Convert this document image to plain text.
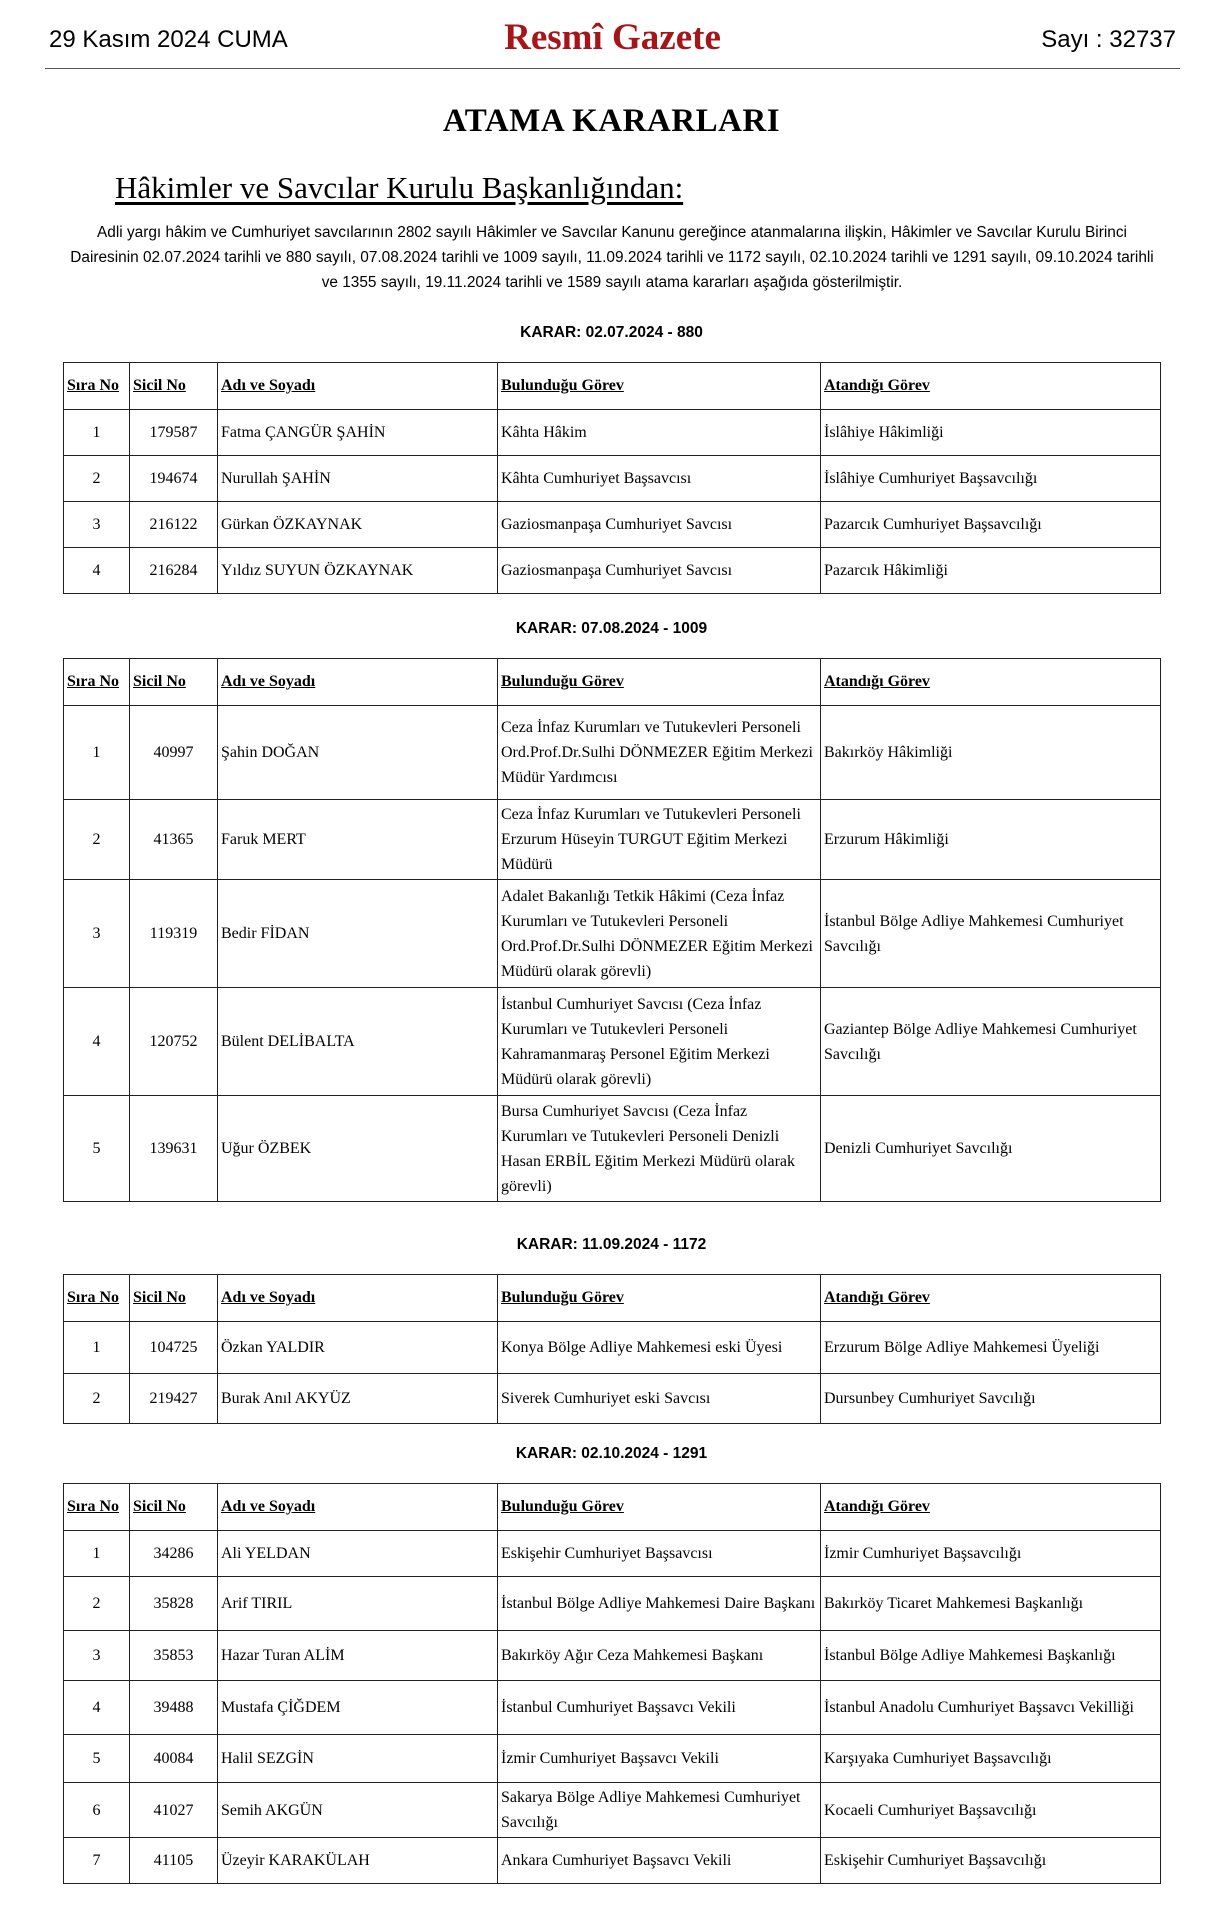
29 Kasım 2024 CUMA	Resmî Gazete	Sayı : 32737
ATAMA KARARLARI
Hâkimler ve Savcılar Kurulu Başkanlığından:
Adli yargı hâkim ve Cumhuriyet savcılarının 2802 sayılı Hâkimler ve Savcılar Kanunu gereğince atanmalarına ilişkin, Hâkimler ve Savcılar Kurulu Birinci Dairesinin 02.07.2024 tarihli ve 880 sayılı, 07.08.2024 tarihli ve 1009 sayılı, 11.09.2024 tarihli ve 1172 sayılı, 02.10.2024 tarihli ve 1291 sayılı, 09.10.2024 tarihli ve 1355 sayılı, 19.11.2024 tarihli ve 1589 sayılı atama kararları aşağıda gösterilmiştir.
KARAR: 02.07.2024 - 880
Sıra No	Sicil No	Adı ve Soyadı	Bulunduğu Görev	Atandığı Görev
1	179587	Fatma ÇANGÜR ŞAHİN	Kâhta Hâkim	İslâhiye Hâkimliği
2	194674	Nurullah ŞAHİN	Kâhta Cumhuriyet Başsavcısı	İslâhiye Cumhuriyet Başsavcılığı
3	216122	Gürkan ÖZKAYNAK	Gaziosmanpaşa Cumhuriyet Savcısı	Pazarcık Cumhuriyet Başsavcılığı
4	216284	Yıldız SUYUN ÖZKAYNAK	Gaziosmanpaşa Cumhuriyet Savcısı	Pazarcık Hâkimliği
KARAR: 07.08.2024 - 1009
Sıra No	Sicil No	Adı ve Soyadı	Bulunduğu Görev	Atandığı Görev
1	40997	Şahin DOĞAN	Ceza İnfaz Kurumları ve Tutukevleri Personeli Ord.Prof.Dr.Sulhi DÖNMEZER Eğitim Merkezi Müdür Yardımcısı	Bakırköy Hâkimliği
2	41365	Faruk MERT	Ceza İnfaz Kurumları ve Tutukevleri Personeli Erzurum Hüseyin TURGUT Eğitim Merkezi Müdürü	Erzurum Hâkimliği
3	119319	Bedir FİDAN	Adalet Bakanlığı Tetkik Hâkimi (Ceza İnfaz Kurumları ve Tutukevleri Personeli Ord.Prof.Dr.Sulhi DÖNMEZER Eğitim Merkezi Müdürü olarak görevli)	İstanbul Bölge Adliye Mahkemesi Cumhuriyet Savcılığı
4	120752	Bülent DELİBALTA	İstanbul Cumhuriyet Savcısı (Ceza İnfaz Kurumları ve Tutukevleri Personeli Kahramanmaraş Personel Eğitim Merkezi Müdürü olarak görevli)	Gaziantep Bölge Adliye Mahkemesi Cumhuriyet Savcılığı
5	139631	Uğur ÖZBEK	Bursa Cumhuriyet Savcısı (Ceza İnfaz Kurumları ve Tutukevleri Personeli Denizli Hasan ERBİL Eğitim Merkezi Müdürü olarak görevli)	Denizli Cumhuriyet Savcılığı
KARAR: 11.09.2024 - 1172
Sıra No	Sicil No	Adı ve Soyadı	Bulunduğu Görev	Atandığı Görev
1	104725	Özkan YALDIR	Konya Bölge Adliye Mahkemesi eski Üyesi	Erzurum Bölge Adliye Mahkemesi Üyeliği
2	219427	Burak Anıl AKYÜZ	Siverek Cumhuriyet eski Savcısı	Dursunbey Cumhuriyet Savcılığı
KARAR: 02.10.2024 - 1291
Sıra No	Sicil No	Adı ve Soyadı	Bulunduğu Görev	Atandığı Görev
1	34286	Ali YELDAN	Eskişehir Cumhuriyet Başsavcısı	İzmir Cumhuriyet Başsavcılığı
2	35828	Arif TIRIL	İstanbul Bölge Adliye Mahkemesi Daire Başkanı	Bakırköy Ticaret Mahkemesi Başkanlığı
3	35853	Hazar Turan ALİM	Bakırköy Ağır Ceza Mahkemesi Başkanı	İstanbul Bölge Adliye Mahkemesi Başkanlığı
4	39488	Mustafa ÇİĞDEM	İstanbul Cumhuriyet Başsavcı Vekili	İstanbul Anadolu Cumhuriyet Başsavcı Vekilliği
5	40084	Halil SEZGİN	İzmir Cumhuriyet Başsavcı Vekili	Karşıyaka Cumhuriyet Başsavcılığı
6	41027	Semih AKGÜN	Sakarya Bölge Adliye Mahkemesi Cumhuriyet Savcılığı	Kocaeli Cumhuriyet Başsavcılığı
7	41105	Üzeyir KARAKÜLAH	Ankara Cumhuriyet Başsavcı Vekili	Eskişehir Cumhuriyet Başsavcılığı
